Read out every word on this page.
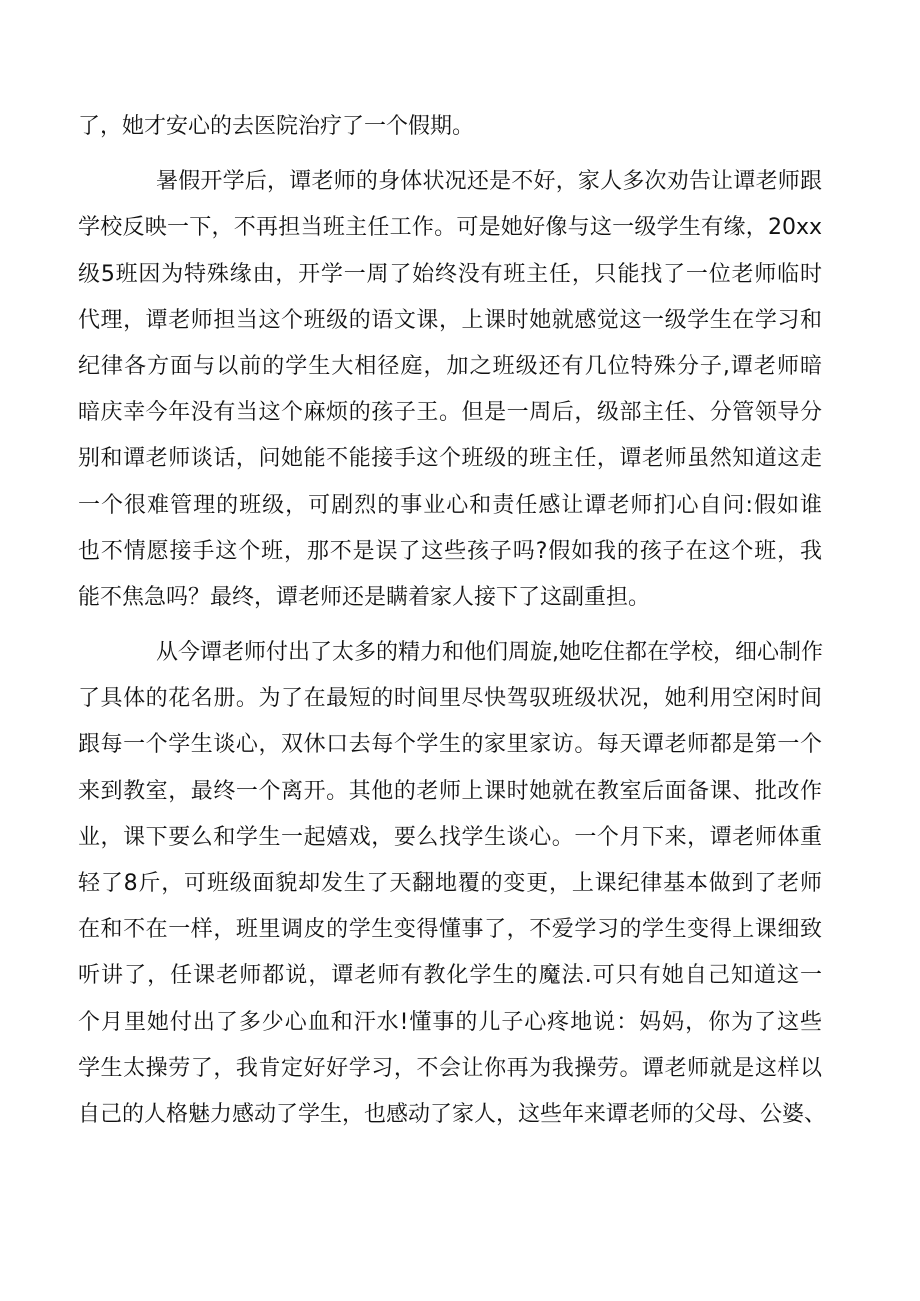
了，她才安心的去医院治疗了一个假期。
暑假开学后，谭老师的身体状况还是不好，家人多次劝告让谭老师跟
学校反映一下，不再担当班主任工作。可是她好像与这一级学生有缘，20xx
级5班因为特殊缘由，开学一周了始终没有班主任，只能找了一位老师临时
代理，谭老师担当这个班级的语文课，上课时她就感觉这一级学生在学习和
纪律各方面与以前的学生大相径庭，加之班级还有几位特殊分子,谭老师暗
暗庆幸今年没有当这个麻烦的孩子王。但是一周后，级部主任、分管领导分
别和谭老师谈话，问她能不能接手这个班级的班主任，谭老师虽然知道这走
一个很难管理的班级，可剧烈的事业心和责任感让谭老师扪心自问:假如谁
也不情愿接手这个班，那不是误了这些孩子吗?假如我的孩子在这个班，我
能不焦急吗？最终，谭老师还是瞒着家人接下了这副重担。
从今谭老师付出了太多的精力和他们周旋,她吃住都在学校，细心制作
了具体的花名册。为了在最短的时间里尽快驾驭班级状况，她利用空闲时间
跟每一个学生谈心，双休口去每个学生的家里家访。每天谭老师都是第一个
来到教室，最终一个离开。其他的老师上课时她就在教室后面备课、批改作
业，课下要么和学生一起嬉戏，要么找学生谈心。一个月下来，谭老师体重
轻了8斤，可班级面貌却发生了天翻地覆的变更，上课纪律基本做到了老师
在和不在一样，班里调皮的学生变得懂事了，不爱学习的学生变得上课细致
听讲了，任课老师都说，谭老师有教化学生的魔法.可只有她自己知道这一
个月里她付出了多少心血和汗水!懂事的儿子心疼地说：妈妈，你为了这些
学生太操劳了，我肯定好好学习，不会让你再为我操劳。谭老师就是这样以
自己的人格魅力感动了学生，也感动了家人，这些年来谭老师的父母、公婆、
